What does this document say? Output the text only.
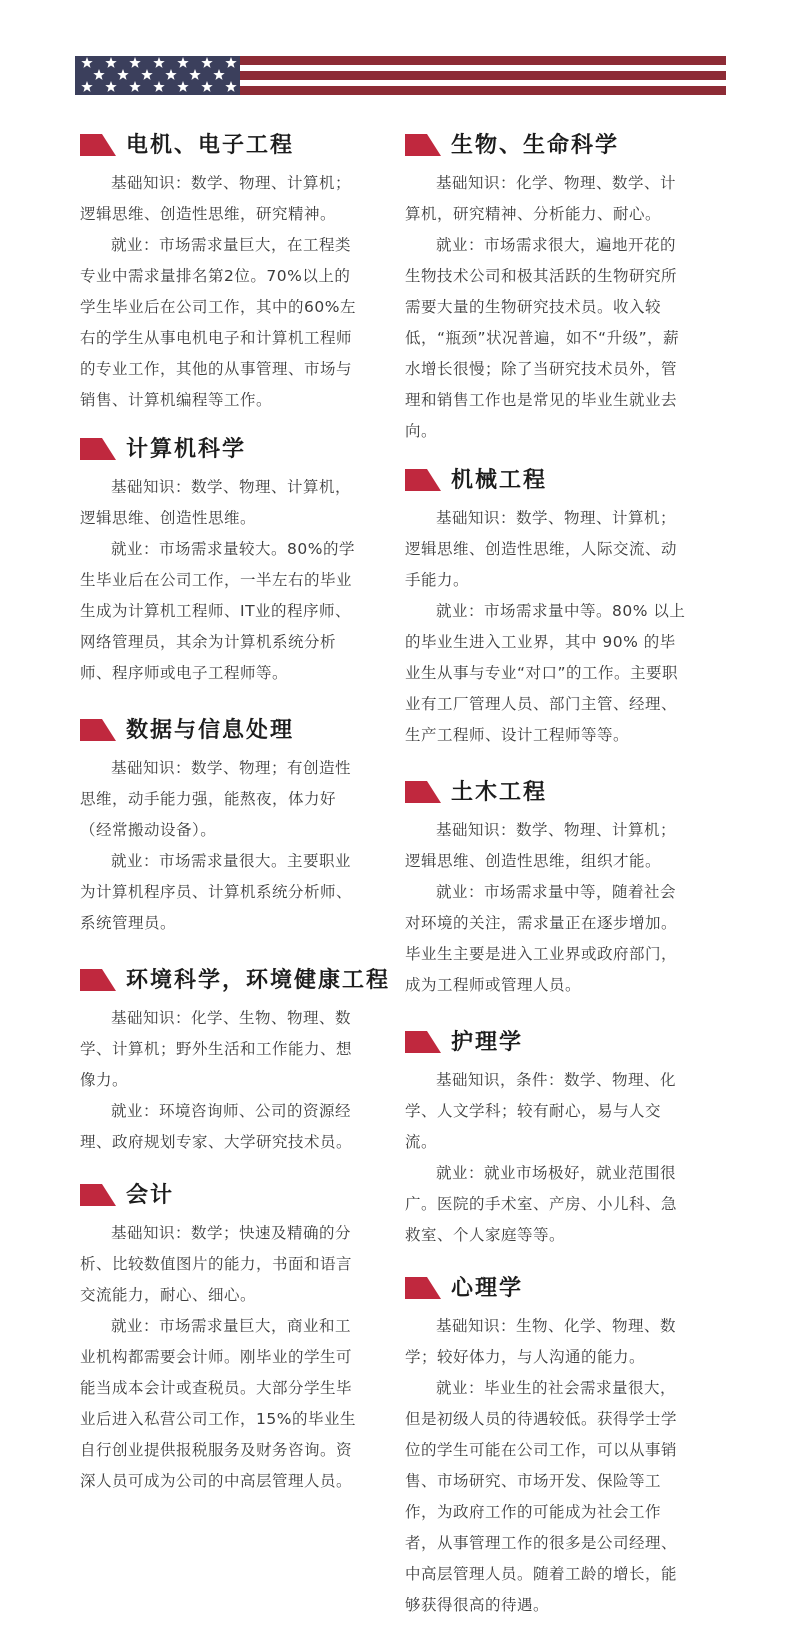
电机、电子工程

基础知识：数学、物理、计算机；逻辑思维、创造性思维，研究精神。

就业：市场需求量巨大，在工程类专业中需求量排名第2位。70%以上的学生毕业后在公司工作，其中的60%左右的学生从事电机电子和计算机工程师的专业工作，其他的从事管理、市场与销售、计算机编程等工作。

计算机科学

基础知识：数学、物理、计算机，逻辑思维、创造性思维。

就业：市场需求量较大。80%的学生毕业后在公司工作，一半左右的毕业生成为计算机工程师、IT业的程序师、网络管理员，其余为计算机系统分析师、程序师或电子工程师等。

数据与信息处理

基础知识：数学、物理；有创造性思维，动手能力强，能熬夜，体力好（经常搬动设备）。

就业：市场需求量很大。主要职业为计算机程序员、计算机系统分析师、系统管理员。

环境科学，环境健康工程

基础知识：化学、生物、物理、数学、计算机；野外生活和工作能力、想像力。

就业：环境咨询师、公司的资源经理、政府规划专家、大学研究技术员。

会计

基础知识：数学；快速及精确的分析、比较数值图片的能力，书面和语言交流能力，耐心、细心。

就业：市场需求量巨大，商业和工业机构都需要会计师。刚毕业的学生可能当成本会计或查税员。大部分学生毕业后进入私营公司工作，15%的毕业生自行创业提供报税服务及财务咨询。资深人员可成为公司的中高层管理人员。

生物、生命科学

基础知识：化学、物理、数学、计算机，研究精神、分析能力、耐心。

就业：市场需求很大，遍地开花的生物技术公司和极其活跃的生物研究所需要大量的生物研究技术员。收入较低，“瓶颈”状况普遍，如不“升级”，薪水增长很慢；除了当研究技术员外，管理和销售工作也是常见的毕业生就业去向。

机械工程

基础知识：数学、物理、计算机；逻辑思维、创造性思维，人际交流、动手能力。

就业：市场需求量中等。80% 以上的毕业生进入工业界，其中 90% 的毕业生从事与专业“对口”的工作。主要职业有工厂管理人员、部门主管、经理、生产工程师、设计工程师等等。

土木工程

基础知识：数学、物理、计算机；逻辑思维、创造性思维，组织才能。

就业：市场需求量中等，随着社会对环境的关注，需求量正在逐步增加。毕业生主要是进入工业界或政府部门，成为工程师或管理人员。

护理学

基础知识，条件：数学、物理、化学、人文学科；较有耐心，易与人交流。

就业：就业市场极好，就业范围很广。医院的手术室、产房、小儿科、急救室、个人家庭等等。

心理学

基础知识：生物、化学、物理、数学；较好体力，与人沟通的能力。

就业：毕业生的社会需求量很大，但是初级人员的待遇较低。获得学士学位的学生可能在公司工作，可以从事销售、市场研究、市场开发、保险等工作，为政府工作的可能成为社会工作者，从事管理工作的很多是公司经理、中高层管理人员。随着工龄的增长，能够获得很高的待遇。
